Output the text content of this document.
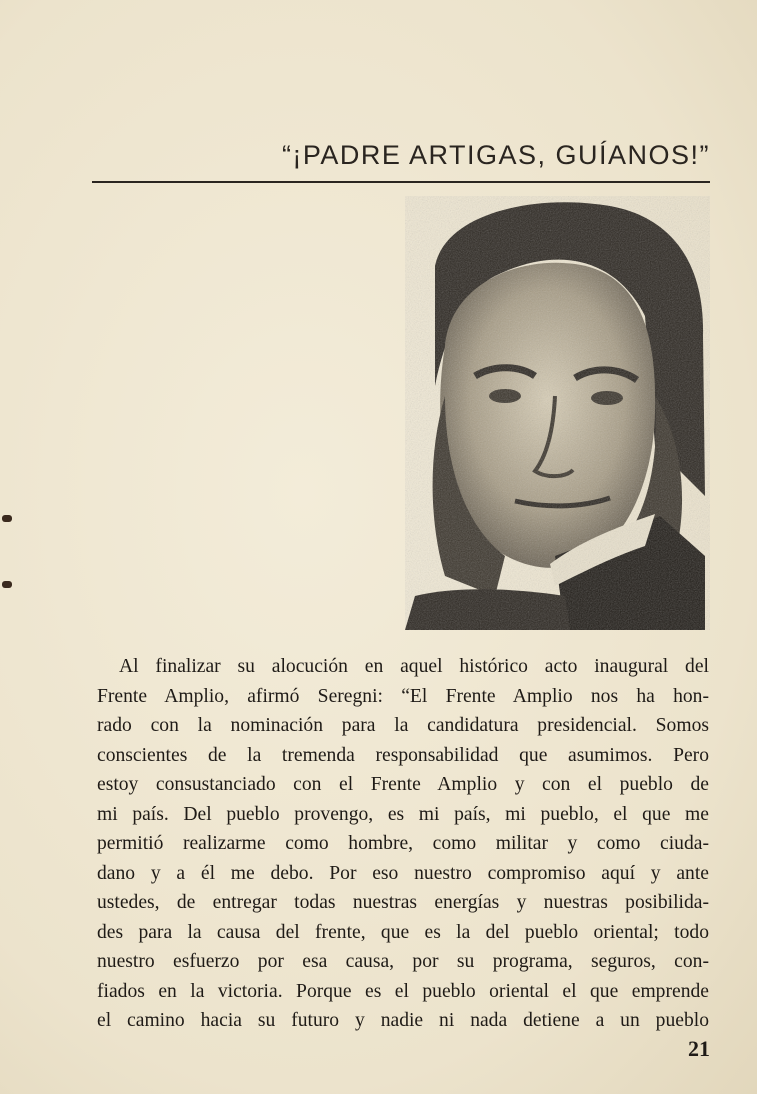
“¡PADRE ARTIGAS, GUÍANOS!”
Al finalizar su alocución en aquel histórico acto inaugural del
Frente Amplio, afirmó Seregni: “El Frente Amplio nos ha hon-
rado con la nominación para la candidatura presidencial. Somos
conscientes de la tremenda responsabilidad que asumimos. Pero
estoy consustanciado con el Frente Amplio y con el pueblo de
mi país. Del pueblo provengo, es mi país, mi pueblo, el que me
permitió realizarme como hombre, como militar y como ciuda-
dano y a él me debo. Por eso nuestro compromiso aquí y ante
ustedes, de entregar todas nuestras energías y nuestras posibilida-
des para la causa del frente, que es la del pueblo oriental; todo
nuestro esfuerzo por esa causa, por su programa, seguros, con-
fiados en la victoria. Porque es el pueblo oriental el que emprende
el camino hacia su futuro y nadie ni nada detiene a un pueblo
21
